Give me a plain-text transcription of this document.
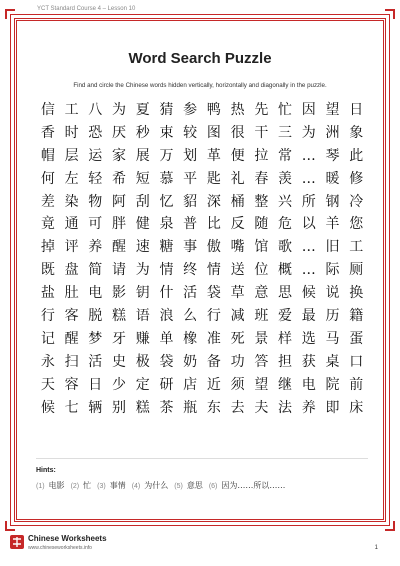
YCT Standard Course 4 – Lesson 10
Word Search Puzzle
Find and circle the Chinese words hidden vertically, horizontally and diagonally in the puzzle.
信 工 八 为 夏 猜 参 鸭 热 先 忙 因 望 日
香 时 恐 厌 秒 束 较 图 很 干 三 为 洲 象
帽 层 运 家 展 万 划 革 便 拉 常 … 琴 此
何 左 轻 希 短 慕 平 匙 礼 春 羡 … 暖 修
差 染 物 阿 刮 忆 貂 深 桶 整 兴 所 钢 冷
竟 通 可 胖 健 泉 普 比 反 随 危 以 羊 您
掉 评 养 醒 速 糖 事 傲 嘴 馆 歌 … 旧 工
既 盘 简 请 为 情 终 情 送 位 概 … 际 厕
盐 肚 电 影 钥 什 活 袋 草 意 思 候 说 换
行 客 脱 糕 语 浪 么 行 减 班 爱 最 历 籍
记 醒 梦 牙 赚 单 橡 准 死 景 样 选 马 蛋
永 扫 活 史 极 袋 奶 备 功 答 担 获 桌 口
天 容 日 少 定 研 店 近 须 望 继 电 院 前
候 七 辆 别 糕 茶 瓶 东 去 夫 法 养 即 床
Hints:
(1) 电影 (2) 忙 (3) 事情 (4) 为什么 (5) 意思 (6) 因为……所以……
Chinese Worksheets
www.chineseworksheets.info	1
